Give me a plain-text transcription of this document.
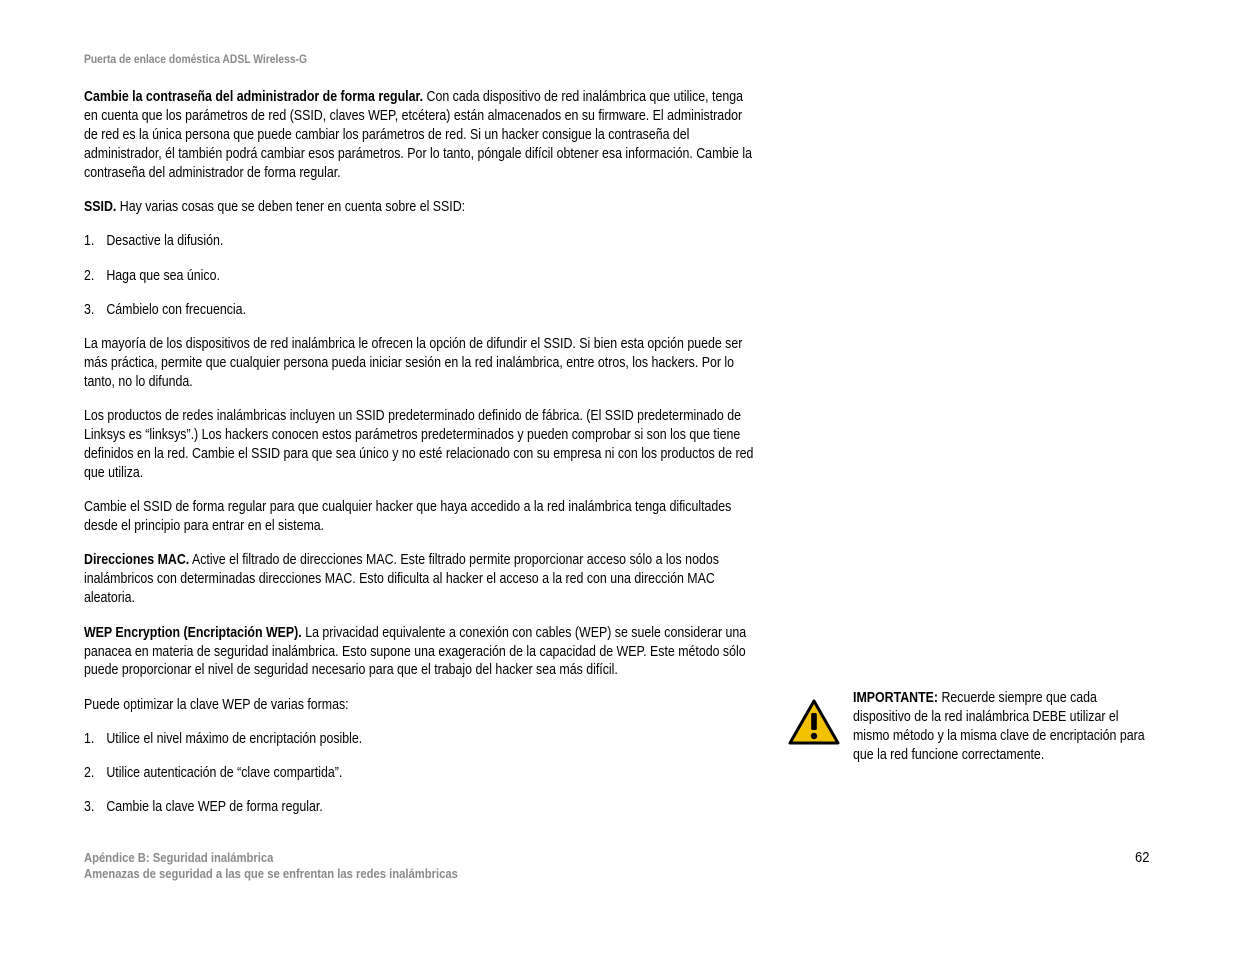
Puerta de enlace doméstica ADSL Wireless-G

Cambie la contraseña del administrador de forma regular. Con cada dispositivo de red inalámbrica que utilice, tenga en cuenta que los parámetros de red (SSID, claves WEP, etcétera) están almacenados en su firmware. El administrador de red es la única persona que puede cambiar los parámetros de red. Si un hacker consigue la contraseña del administrador, él también podrá cambiar esos parámetros. Por lo tanto, póngale difícil obtener esa información. Cambie la contraseña del administrador de forma regular.

SSID. Hay varias cosas que se deben tener en cuenta sobre el SSID:

1. Desactive la difusión.
2. Haga que sea único.
3. Cámbielo con frecuencia.

La mayoría de los dispositivos de red inalámbrica le ofrecen la opción de difundir el SSID. Si bien esta opción puede ser más práctica, permite que cualquier persona pueda iniciar sesión en la red inalámbrica, entre otros, los hackers. Por lo tanto, no lo difunda.

Los productos de redes inalámbricas incluyen un SSID predeterminado definido de fábrica. (El SSID predeterminado de Linksys es “linksys”.) Los hackers conocen estos parámetros predeterminados y pueden comprobar si son los que tiene definidos en la red. Cambie el SSID para que sea único y no esté relacionado con su empresa ni con los productos de red que utiliza.

Cambie el SSID de forma regular para que cualquier hacker que haya accedido a la red inalámbrica tenga dificultades desde el principio para entrar en el sistema.

Direcciones MAC. Active el filtrado de direcciones MAC. Este filtrado permite proporcionar acceso sólo a los nodos inalámbricos con determinadas direcciones MAC. Esto dificulta al hacker el acceso a la red con una dirección MAC aleatoria.

WEP Encryption (Encriptación WEP). La privacidad equivalente a conexión con cables (WEP) se suele considerar una panacea en materia de seguridad inalámbrica. Esto supone una exageración de la capacidad de WEP. Este método sólo puede proporcionar el nivel de seguridad necesario para que el trabajo del hacker sea más difícil.

Puede optimizar la clave WEP de varias formas:

1. Utilice el nivel máximo de encriptación posible.
2. Utilice autenticación de “clave compartida”.
3. Cambie la clave WEP de forma regular.
IMPORTANTE: Recuerde siempre que cada dispositivo de la red inalámbrica DEBE utilizar el mismo método y la misma clave de encriptación para que la red funcione correctamente.
Apéndice B: Seguridad inalámbrica
Amenazas de seguridad a las que se enfrentan las redes inalámbricas
62
